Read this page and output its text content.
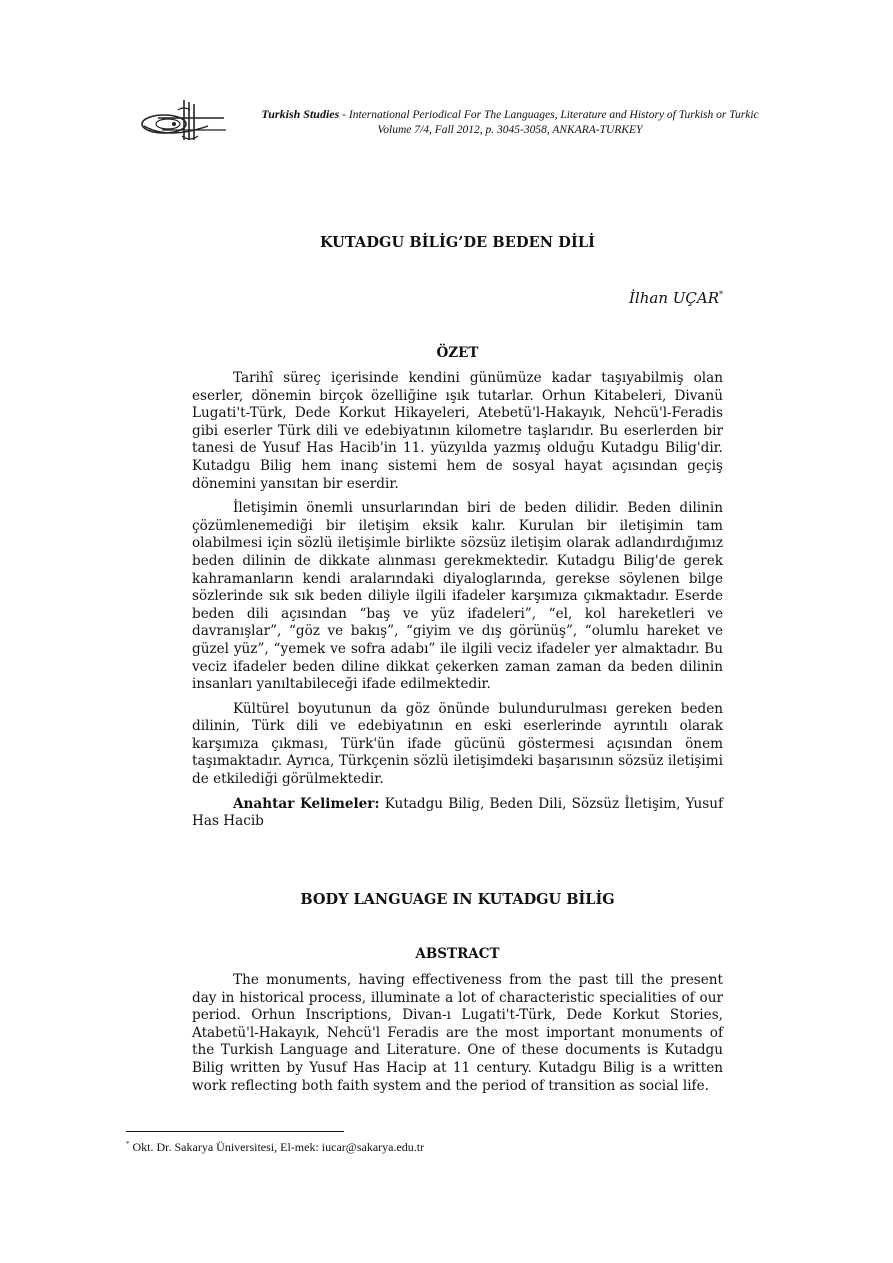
Turkish Studies - International Periodical For The Languages, Literature and History of Turkish or Turkic
Volume 7/4, Fall 2012, p. 3045-3058, ANKARA-TURKEY
KUTADGU BİLİG’DE BEDEN DİLİ
İlhan UÇAR*
ÖZET

Tarihî süreç içerisinde kendini günümüze kadar taşıyabilmiş olan eserler, dönemin birçok özelliğine ışık tutarlar. Orhun Kitabeleri, Divanü Lugati't-Türk, Dede Korkut Hikayeleri, Atebetü'l-Hakayık, Nehcü'l-Feradis gibi eserler Türk dili ve edebiyatının kilometre taşlarıdır. Bu eserlerden bir tanesi de Yusuf Has Hacib'in 11. yüzyılda yazmış olduğu Kutadgu Bilig'dir. Kutadgu Bilig hem inanç sistemi hem de sosyal hayat açısından geçiş dönemini yansıtan bir eserdir.

İletişimin önemli unsurlarından biri de beden dilidir. Beden dilinin çözümlenemediği bir iletişim eksik kalır. Kurulan bir iletişimin tam olabilmesi için sözlü iletişimle birlikte sözsüz iletişim olarak adlandırdığımız beden dilinin de dikkate alınması gerekmektedir. Kutadgu Bilig'de gerek kahramanların kendi aralarındaki diyaloglarında, gerekse söylenen bilge sözlerinde sık sık beden diliyle ilgili ifadeler karşımıza çıkmaktadır. Eserde beden dili açısından “baş ve yüz ifadeleri”, “el, kol hareketleri ve davranışlar”, “göz ve bakış”, “giyim ve dış görünüş”, “olumlu hareket ve güzel yüz”, “yemek ve sofra adabı” ile ilgili veciz ifadeler yer almaktadır. Bu veciz ifadeler beden diline dikkat çekerken zaman zaman da beden dilinin insanları yanıltabileceği ifade edilmektedir.

Kültürel boyutunun da göz önünde bulundurulması gereken beden dilinin, Türk dili ve edebiyatının en eski eserlerinde ayrıntılı olarak karşımıza çıkması, Türk'ün ifade gücünü göstermesi açısından önem taşımaktadır. Ayrıca, Türkçenin sözlü iletişimdeki başarısının sözsüz iletişimi de etkilediği görülmektedir.

Anahtar Kelimeler: Kutadgu Bilig, Beden Dili, Sözsüz İletişim, Yusuf Has Hacib

BODY LANGUAGE IN KUTADGU BİLİG
ABSTRACT

The monuments, having effectiveness from the past till the present day in historical process, illuminate a lot of characteristic specialities of our period. Orhun Inscriptions, Divan-ı Lugati't-Türk, Dede Korkut Stories, Atabetü'l-Hakayık, Nehcü'l Feradis are the most important monuments of the Turkish Language and Literature. One of these documents is Kutadgu Bilig written by Yusuf Has Hacip at 11 century. Kutadgu Bilig is a written work reflecting both faith system and the period of transition as social life.

* Okt. Dr. Sakarya Üniversitesi, El-mek: iucar@sakarya.edu.tr
